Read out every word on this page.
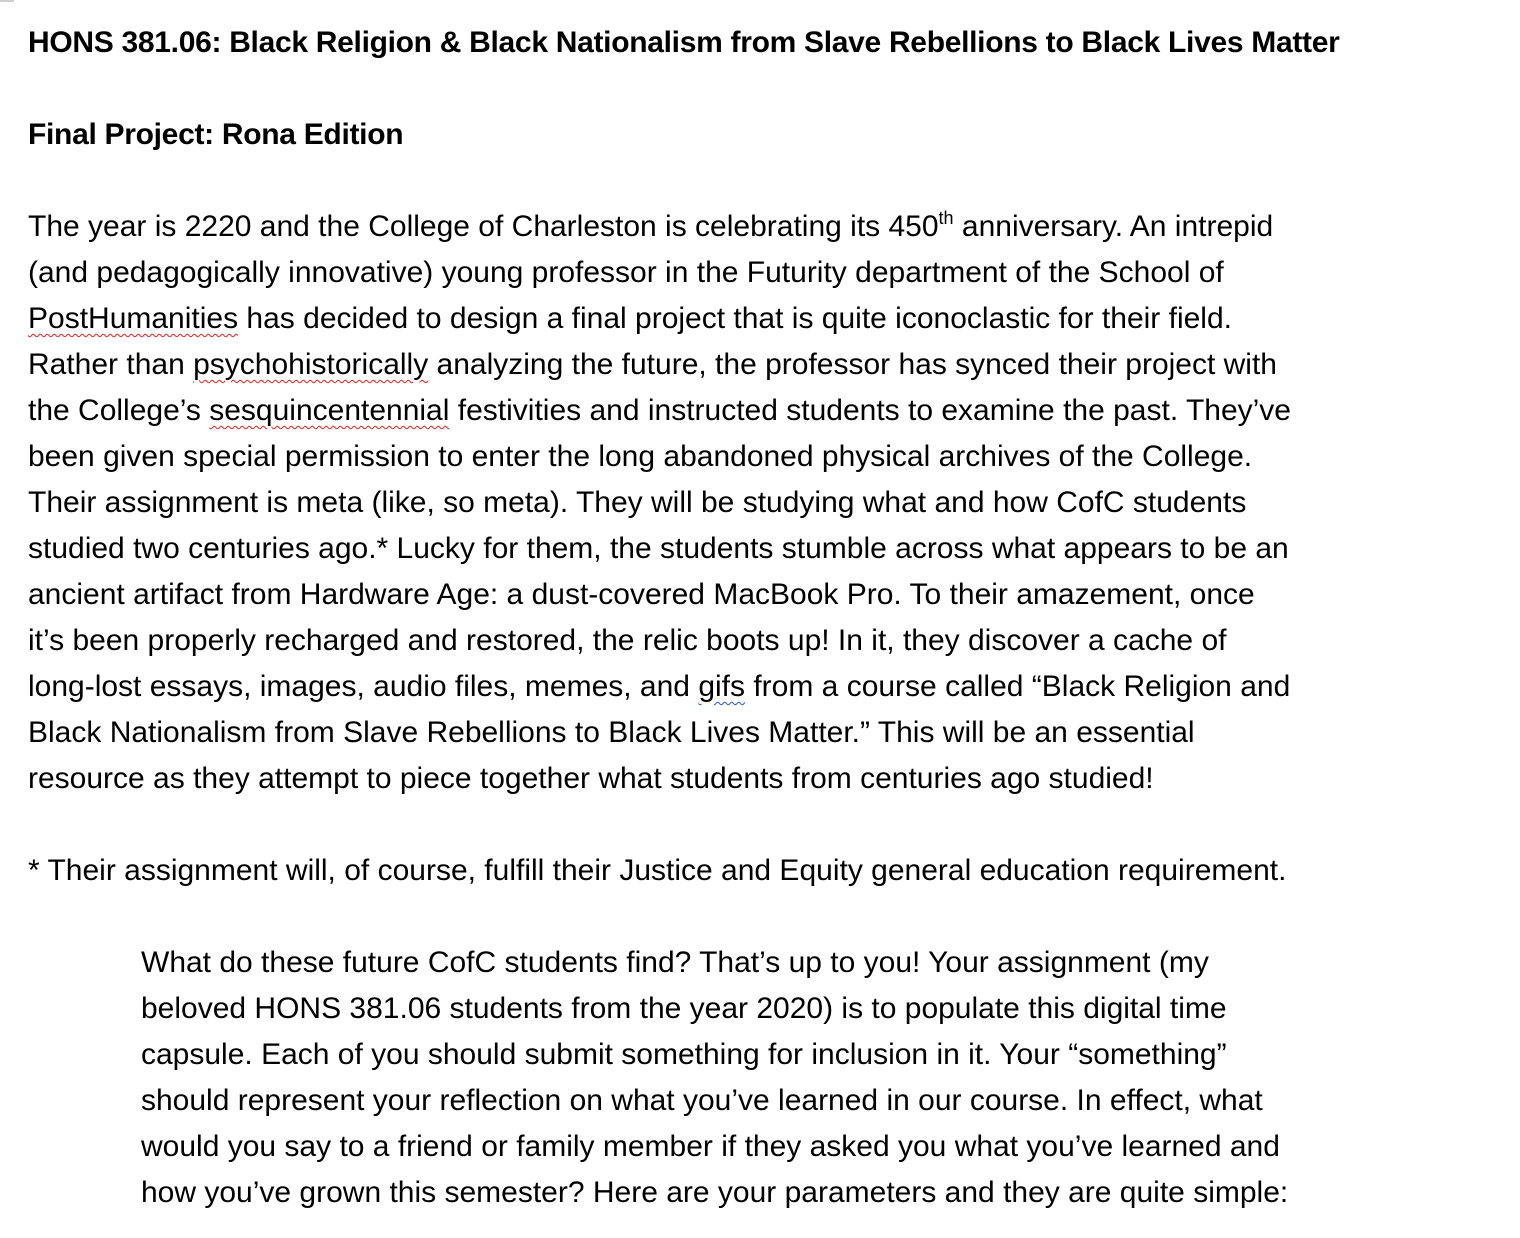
HONS 381.06: Black Religion & Black Nationalism from Slave Rebellions to Black Lives Matter
Final Project: Rona Edition
The year is 2220 and the College of Charleston is celebrating its 450th anniversary. An intrepid
(and pedagogically innovative) young professor in the Futurity department of the School of
PostHumanities has decided to design a final project that is quite iconoclastic for their field.
Rather than psychohistorically analyzing the future, the professor has synced their project with
the College’s sesquincentennial festivities and instructed students to examine the past. They’ve
been given special permission to enter the long abandoned physical archives of the College.
Their assignment is meta (like, so meta). They will be studying what and how CofC students
studied two centuries ago.* Lucky for them, the students stumble across what appears to be an
ancient artifact from Hardware Age: a dust-covered MacBook Pro. To their amazement, once
it’s been properly recharged and restored, the relic boots up! In it, they discover a cache of
long-lost essays, images, audio files, memes, and gifs from a course called “Black Religion and
Black Nationalism from Slave Rebellions to Black Lives Matter.” This will be an essential
resource as they attempt to piece together what students from centuries ago studied!
* Their assignment will, of course, fulfill their Justice and Equity general education requirement.
What do these future CofC students find? That’s up to you! Your assignment (my
beloved HONS 381.06 students from the year 2020) is to populate this digital time
capsule. Each of you should submit something for inclusion in it. Your “something”
should represent your reflection on what you’ve learned in our course. In effect, what
would you say to a friend or family member if they asked you what you’ve learned and
how you’ve grown this semester? Here are your parameters and they are quite simple:
